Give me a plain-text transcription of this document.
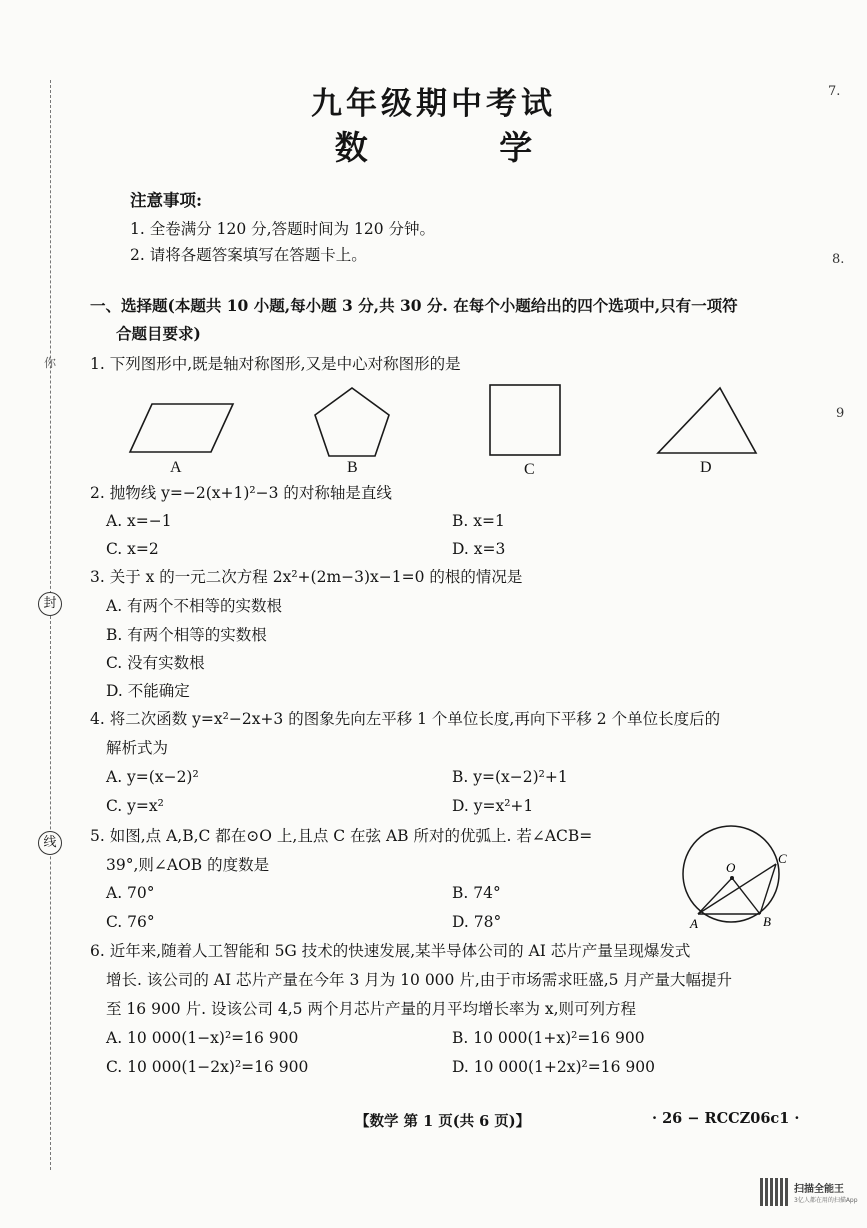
你
封
线
7.
8.
9
九年级期中考试
数 学
注意事项:
1. 全卷满分 120 分,答题时间为 120 分钟。
2. 请将各题答案填写在答题卡上。
一、选择题(本题共 10 小题,每小题 3 分,共 30 分. 在每个小题给出的四个选项中,只有一项符
合题目要求)
1. 下列图形中,既是轴对称图形,又是中心对称图形的是
A	B	C	D
2. 抛物线 y=−2(x+1)²−3 的对称轴是直线
A. x=−1	B. x=1
C. x=2	D. x=3
3. 关于 x 的一元二次方程 2x²+(2m−3)x−1=0 的根的情况是
A. 有两个不相等的实数根
B. 有两个相等的实数根
C. 没有实数根
D. 不能确定
4. 将二次函数 y=x²−2x+3 的图象先向左平移 1 个单位长度,再向下平移 2 个单位长度后的
解析式为
A. y=(x−2)²	B. y=(x−2)²+1
C. y=x²	D. y=x²+1
5. 如图,点 A,B,C 都在⊙O 上,且点 C 在弦 AB 所对的优弧上. 若∠ACB=
39°,则∠AOB 的度数是
A. 70°	B. 74°
C. 76°	D. 78°
O
A	B
C
6. 近年来,随着人工智能和 5G 技术的快速发展,某半导体公司的 AI 芯片产量呈现爆发式
增长. 该公司的 AI 芯片产量在今年 3 月为 10 000 片,由于市场需求旺盛,5 月产量大幅提升
至 16 900 片. 设该公司 4,5 两个月芯片产量的月平均增长率为 x,则可列方程
A. 10 000(1−x)²=16 900	B. 10 000(1+x)²=16 900
C. 10 000(1−2x)²=16 900	D. 10 000(1+2x)²=16 900
【数学 第 1 页(共 6 页)】	· 26 − RCCZ06c1 ·
扫描全能王
3亿人都在用的扫描App
